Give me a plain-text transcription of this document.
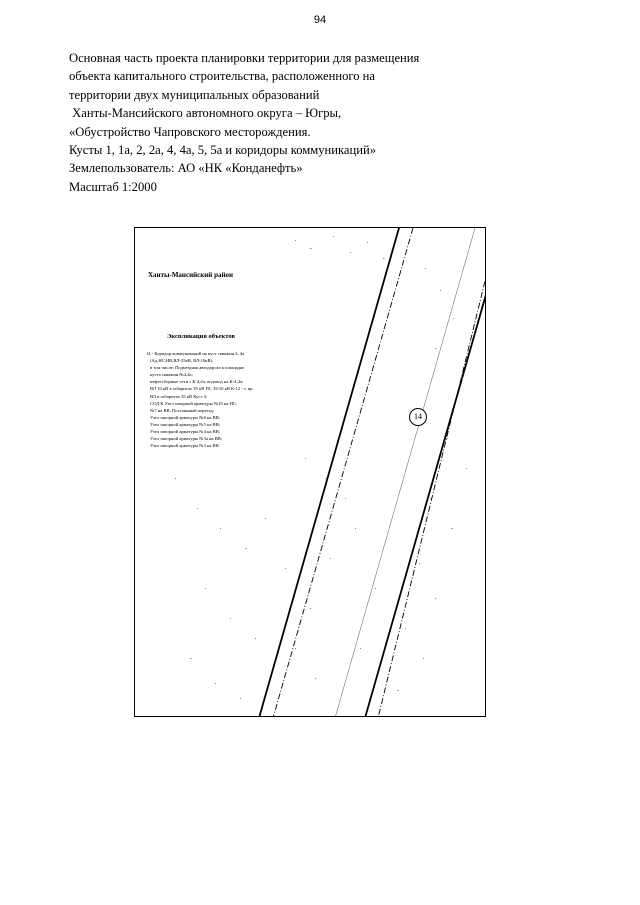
94

Основная часть проекта планировки территории для размещения

объекта капитального строительства, расположенного на

территории двух муниципальных образований

Ханты-Мансийского автономного округа – Югры,

«Обустройство Чапровского месторождения.

Кусты 1, 1а, 2, 2а, 4, 4а, 5, 5а и коридоры коммуникаций»

Землепользователь: АО «НК «Конданефть»

Масштаб 1:2000

Ханты-Мансийский район
Экспликация объектов

14 - Коридор коммуникаций на куст скважин 4, 4а

(Ад,НС,НВ,ВЛ-35кВ, ВЛ-10кВ),

в том числе: Подъездная автодорога к площадке

куста скважин №4,4а;

нефтесборные сети с К-4,4а; водовод на К-4,4а;

ВЛ 10 кВ в габаритах 35 кВ ПС 35/10 кВ К-12 - т. вр.

ВЛ в габаритах 35 кВ Куст 4;

СОД К.Узел запорной арматуры №10 на НС;

№7 на ВВ; Постоянный переезд;

Узел запорной арматуры №6 на ВВ;

Узел запорной арматуры №5 на ВВ;

Узел запорной арматуры №4 на ВВ;

Узел запорной арматуры №3а на ВВ;

Узел запорной арматуры №3 на ВВ.

14
